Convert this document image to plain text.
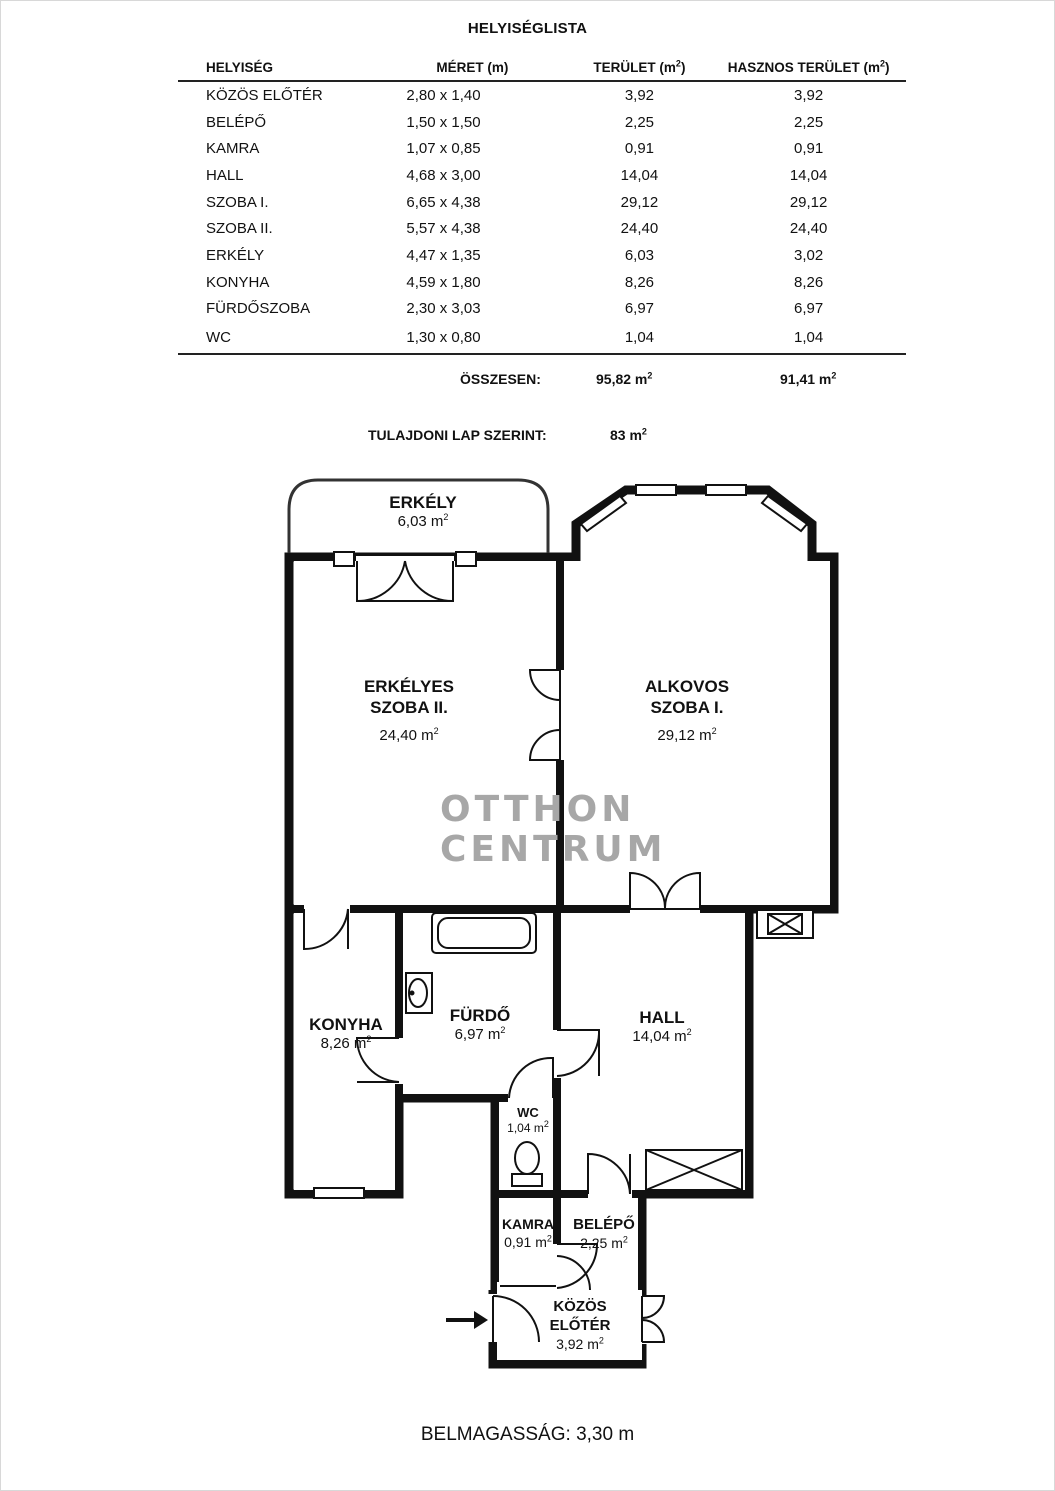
HELYISÉGLISTA
HELYISÉG	MÉRET (m)	TERÜLET $(m^2)$	HASZNOS TERÜLET $(m^2)$
KÖZÖS ELŐTÉR	2,80 x 1,40	3,92	3,92
BELÉPŐ	1,50 x 1,50	2,25	2,25
KAMRA	1,07 x 0,85	0,91	0,91
HALL	4,68 x 3,00	14,04	14,04
SZOBA I.	6,65 x 4,38	29,12	29,12
SZOBA II.	5,57 x 4,38	24,40	24,40
ERKÉLY	4,47 x 1,35	6,03	3,02
KONYHA	4,59 x 1,80	8,26	8,26
FÜRDŐSZOBA	2,30 x 3,03	6,97	6,97
WC	1,30 x 0,80	1,04	1,04
ÖSSZESEN:	95,82 $m^2$	91,41 $m^2$
TULAJDONI LAP SZERINT:	83 $m^2$
OTTHON
CENTRUM
ERKÉLY
6,03 $m^2$
ERKÉLYES
SZOBA II.
24,40 $m^2$
ALKOVOS
SZOBA I.
29,12 $m^2$
KONYHA
8,26 $m^2$
FÜRDŐ
6,97 $m^2$
HALL
14,04 $m^2$
WC
1,04 $m^2$
KAMRA
0,91 $m^2$
BELÉPŐ
2,25 $m^2$
KÖZÖS
ELŐTÉR
3,92 $m^2$
BELMAGASSÁG: 3,30 m
